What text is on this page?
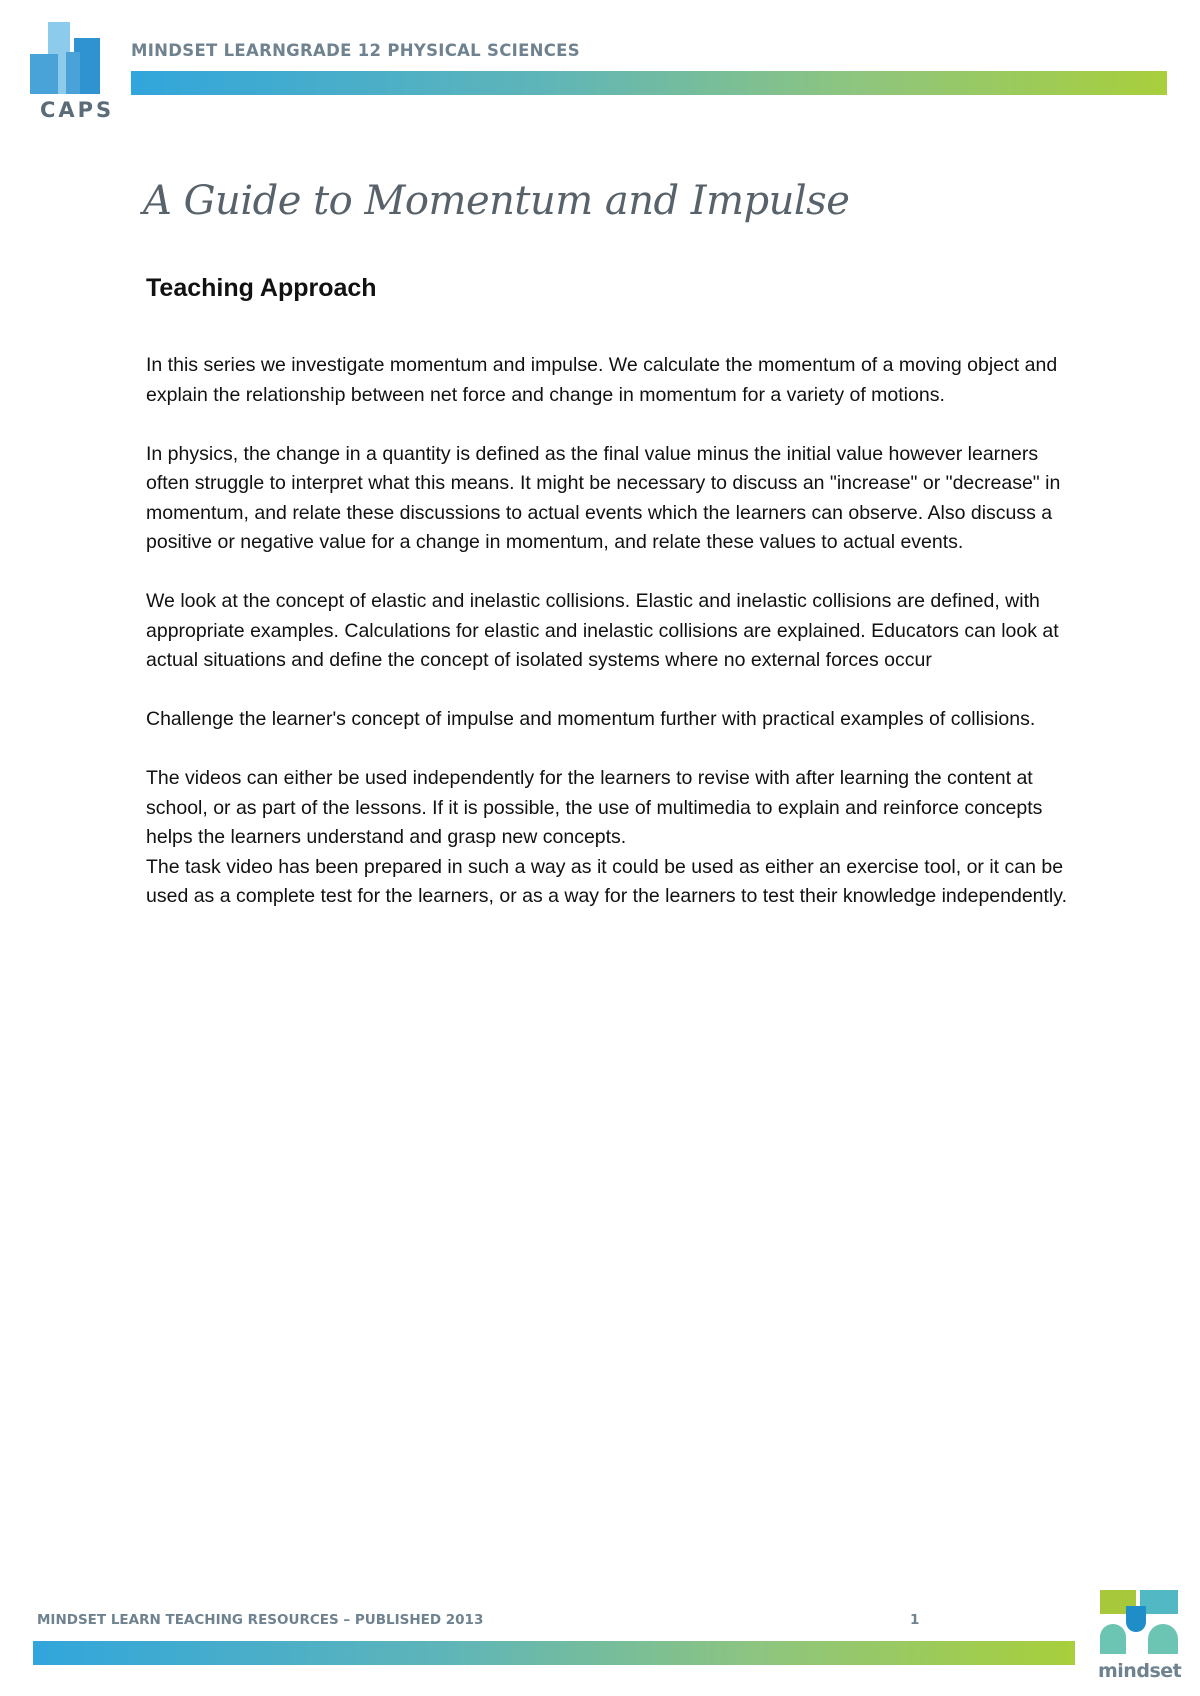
CAPS
MINDSET LEARNGRADE 12 PHYSICAL SCIENCES
A Guide to Momentum and Impulse
Teaching Approach

In this series we investigate momentum and impulse. We calculate the momentum of a moving object and explain the relationship between net force and change in momentum for a variety of motions.

In physics, the change in a quantity is defined as the final value minus the initial value however learners often struggle to interpret what this means. It might be necessary to discuss an "increase" or "decrease" in momentum, and relate these discussions to actual events which the learners can observe. Also discuss a positive or negative value for a change in momentum, and relate these values to actual events.

We look at the concept of elastic and inelastic collisions. Elastic and inelastic collisions are defined, with appropriate examples. Calculations for elastic and inelastic collisions are explained. Educators can look at actual situations and define the concept of isolated systems where no external forces occur

Challenge the learner's concept of impulse and momentum further with practical examples of collisions.

The videos can either be used independently for the learners to revise with after learning the content at school, or as part of the lessons. If it is possible, the use of multimedia to explain and reinforce concepts helps the learners understand and grasp new concepts.

The task video has been prepared in such a way as it could be used as either an exercise tool, or it can be used as a complete test for the learners, or as a way for the learners to test their knowledge independently.

MINDSET LEARN TEACHING RESOURCES – PUBLISHED 2013	1
mindset
